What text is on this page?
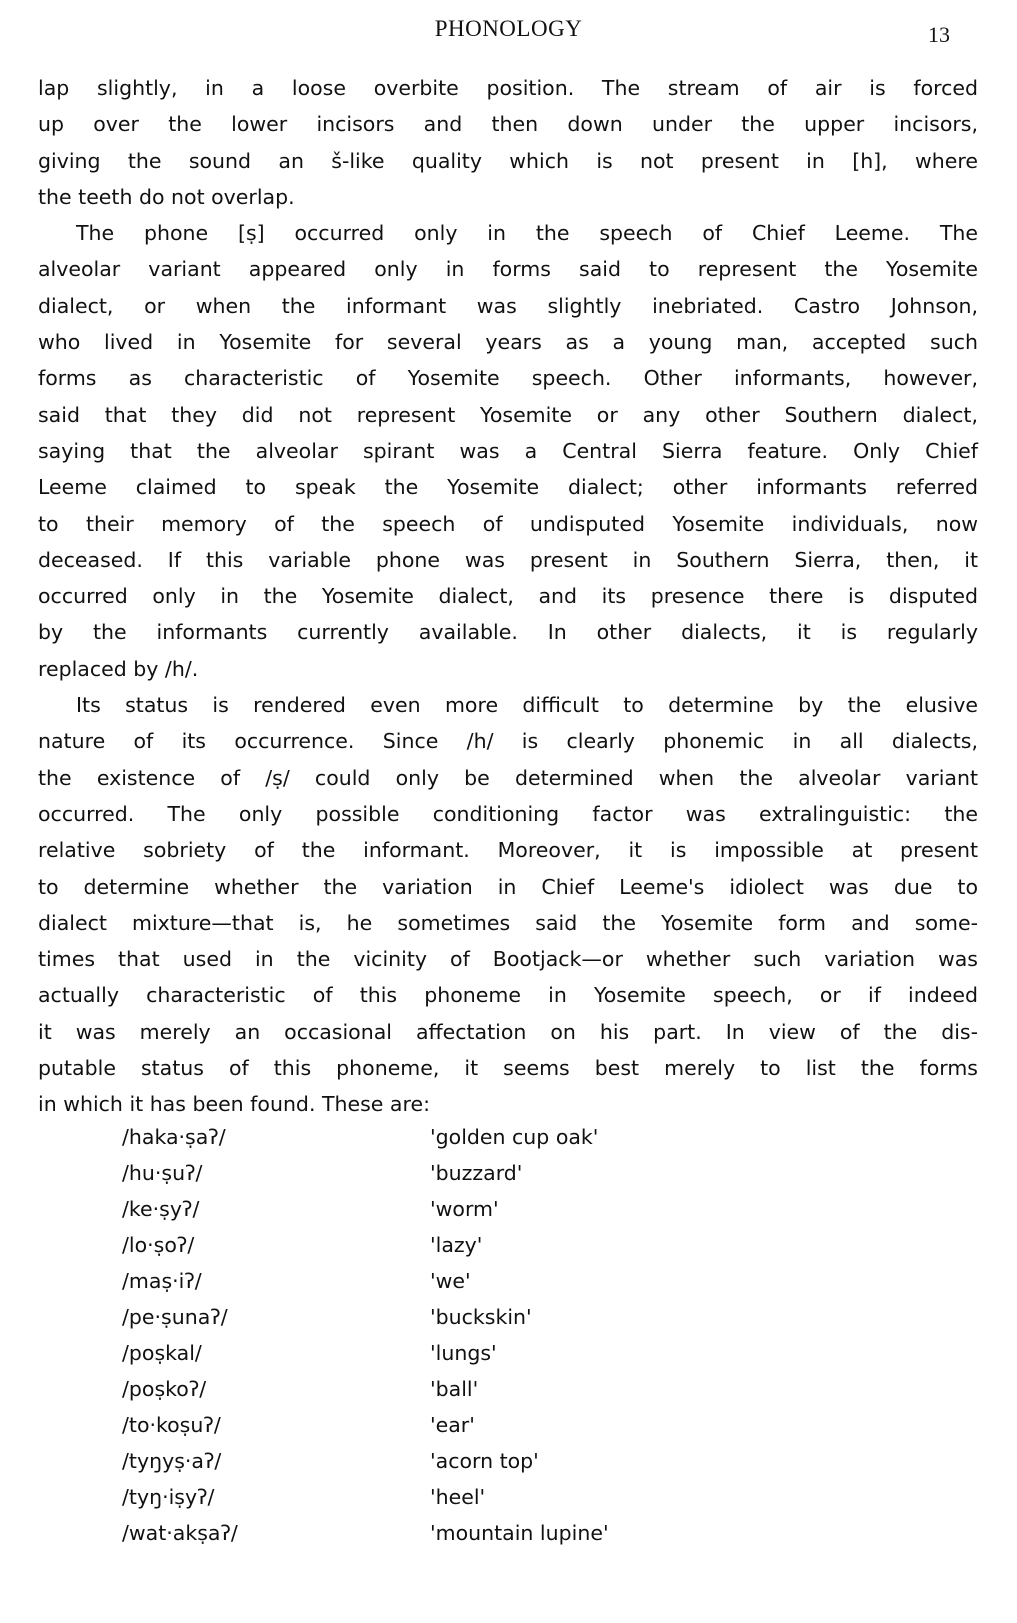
PHONOLOGY	13
lap slightly, in a loose overbite position. The stream of air is forced
up over the lower incisors and then down under the upper incisors,
giving the sound an š-like quality which is not present in [h], where
the teeth do not overlap.
The phone [ṣ] occurred only in the speech of Chief Leeme. The
alveolar variant appeared only in forms said to represent the Yosemite
dialect, or when the informant was slightly inebriated. Castro Johnson,
who lived in Yosemite for several years as a young man, accepted such
forms as characteristic of Yosemite speech. Other informants, however,
said that they did not represent Yosemite or any other Southern dialect,
saying that the alveolar spirant was a Central Sierra feature. Only Chief
Leeme claimed to speak the Yosemite dialect; other informants referred
to their memory of the speech of undisputed Yosemite individuals, now
deceased. If this variable phone was present in Southern Sierra, then, it
occurred only in the Yosemite dialect, and its presence there is disputed
by the informants currently available. In other dialects, it is regularly
replaced by /h/.
Its status is rendered even more difficult to determine by the elusive
nature of its occurrence. Since /h/ is clearly phonemic in all dialects,
the existence of /ṣ/ could only be determined when the alveolar variant
occurred. The only possible conditioning factor was extralinguistic: the
relative sobriety of the informant. Moreover, it is impossible at present
to determine whether the variation in Chief Leeme's idiolect was due to
dialect mixture—that is, he sometimes said the Yosemite form and some-
times that used in the vicinity of Bootjack—or whether such variation was
actually characteristic of this phoneme in Yosemite speech, or if indeed
it was merely an occasional affectation on his part. In view of the dis-
putable status of this phoneme, it seems best merely to list the forms
in which it has been found. These are:
/haka·ṣaʔ/	'golden cup oak'
/hu·ṣuʔ/	'buzzard'
/ke·ṣyʔ/	'worm'
/lo·ṣoʔ/	'lazy'
/maṣ·iʔ/	'we'
/pe·ṣunaʔ/	'buckskin'
/poṣkal/	'lungs'
/poṣkoʔ/	'ball'
/to·koṣuʔ/	'ear'
/tyŋyṣ·aʔ/	'acorn top'
/tyŋ·iṣyʔ/	'heel'
/wat·akṣaʔ/	'mountain lupine'
